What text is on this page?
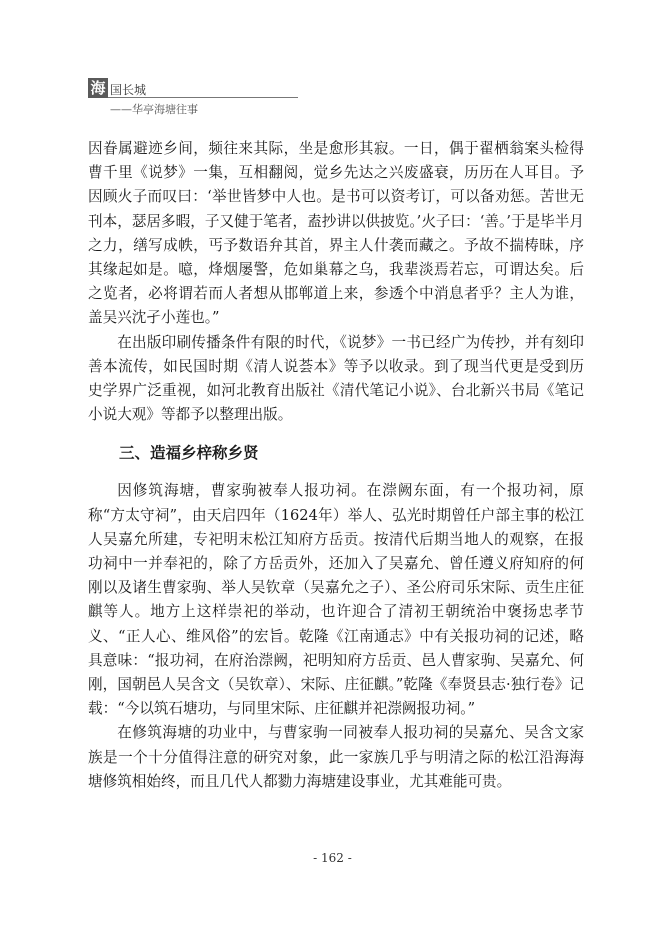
海 国长城
——华亭海塘往事

因眷属避迹乡间，频往来其际，坐是愈形其寂。一日，偶于翟栖翁案头检得曹千里《说梦》一集，互相翻阅，觉乡先达之兴废盛衰，历历在人耳目。予因顾火子而叹曰：‘举世皆梦中人也。是书可以资考订，可以备劝惩。苦世无刊本，瑟居多暇，子又健于笔者，盍抄讲以供披览。’火子曰：‘善。’于是毕半月之力，缮写成帙，丐予数语弁其首，界主人什袭而藏之。予故不揣梼昧，序其缘起如是。噫，烽烟屡警，危如巢幕之乌，我辈淡焉若忘，可谓达矣。后之览者，必将谓若而人者想从邯郸道上来，参透个中消息者乎？主人为谁，盖吴兴沈孑小莲也。”

在出版印刷传播条件有限的时代，《说梦》一书已经广为传抄，并有刻印善本流传，如民国时期《清人说荟本》等予以收录。到了现当代更是受到历史学界广泛重视，如河北教育出版社《清代笔记小说》、台北新兴书局《笔记小说大观》等都予以整理出版。

三、造福乡梓称乡贤

因修筑海塘，曹家驹被奉人报功祠。在漴阙东面，有一个报功祠，原称“方太守祠”，由天启四年（1624年）举人、弘光时期曾任户部主事的松江人吴嘉允所建，专祀明末松江知府方岳贡。按清代后期当地人的观察，在报功祠中一并奉祀的，除了方岳贡外，还加入了吴嘉允、曾任遵义府知府的何刚以及诸生曹家驹、举人吴钦章（吴嘉允之子）、圣公府司乐宋际、贡生庄征麒等人。地方上这样崇祀的举动，也许迎合了清初王朝统治中褒扬忠孝节义、“正人心、维风俗”的宏旨。乾隆《江南通志》中有关报功祠的记述，略具意味：“报功祠，在府治漴阙，祀明知府方岳贡、邑人曹家驹、吴嘉允、何刚，国朝邑人吴含文（吴钦章）、宋际、庄征麒。”乾隆《奉贤县志·独行卷》记载：“今以筑石塘功，与同里宋际、庄征麒并祀漴阙报功祠。”

在修筑海塘的功业中，与曹家驹一同被奉人报功祠的吴嘉允、吴含文家族是一个十分值得注意的研究对象，此一家族几乎与明清之际的松江沿海海塘修筑相始终，而且几代人都勠力海塘建设事业，尤其难能可贵。

- 162 -
